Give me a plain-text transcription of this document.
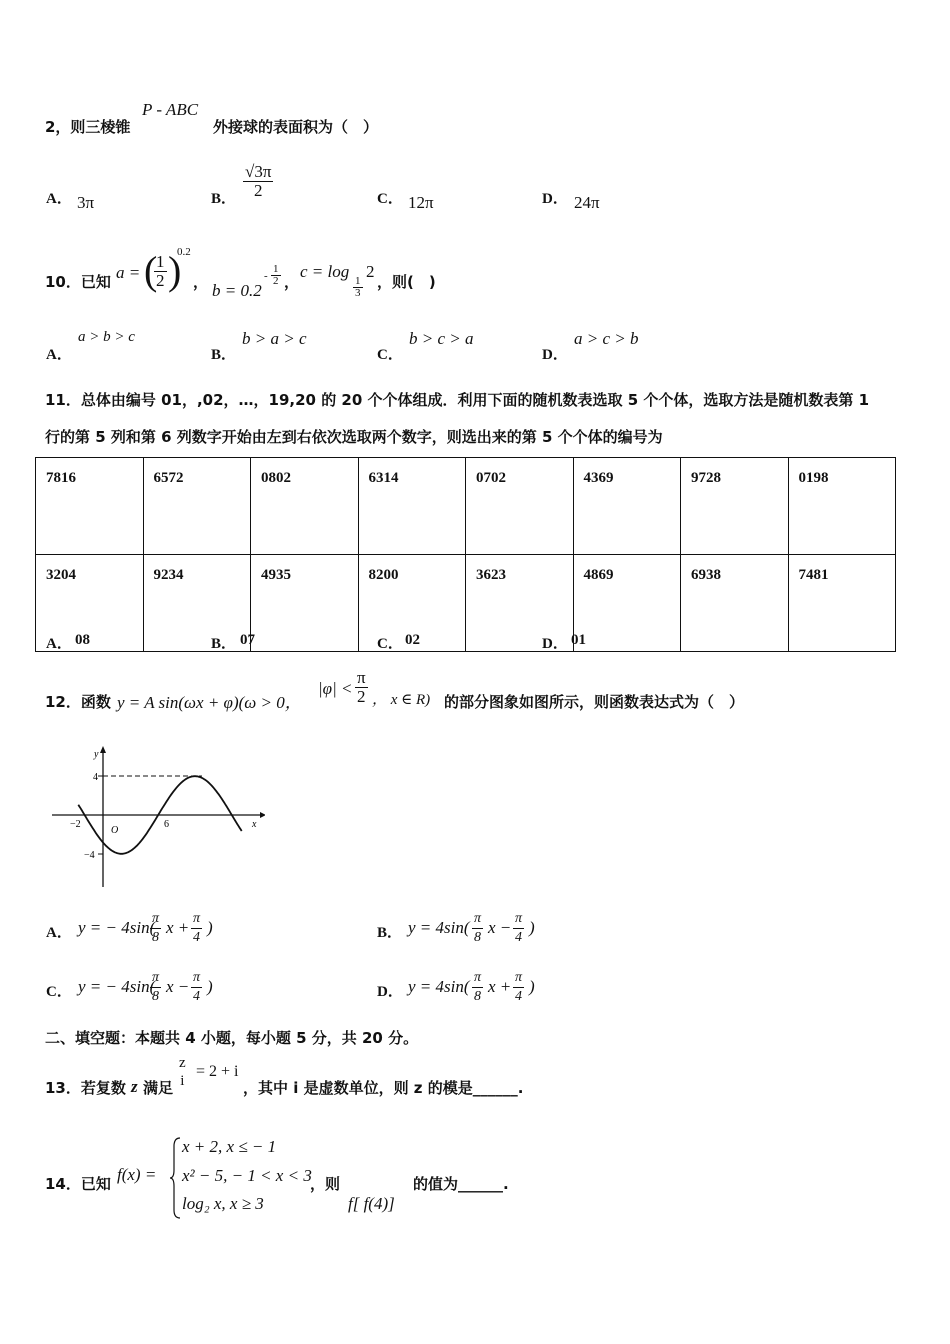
2，则三棱锥
P - ABC
外接球的表面积为（　）
A． 3π	B． $\frac{√3\pi}{2}$	C． 12π	D． 24π
10．已知 a = (
$\frac{1}{2}$ )
0.2
， b = 0.2
- $\frac{1}{2}$ ，
c = log
$\frac{1}{3}$
2
，则(　)
A．
a > b > c
B．
b > a > c
C．
b > c > a
D．
a > c > b
11．总体由编号 01，,02，…，19,20 的 20 个个体组成．利用下面的随机数表选取 5 个个体，选取方法是随机数表第 1
行的第 5 列和第 6 列数字开始由左到右依次选取两个数字，则选出来的第 5 个个体的编号为
7816	6572	0802	6314	0702	4369	9728	0198
3204	9234	4935	8200	3623	4869	6938	7481
A． 08	B． 07	C． 02	D． 01
12．函数 y = A sin(ωx + φ)(ω > 0，
$|\varphi| < \frac{\pi}{2}$ ， x ∈ R) 的部分图象如图所示，则函数表达式为（　）
y
x
O
4
−4
−2	6
A． y = − 4sin(
$\frac{\pi}{8}$ $x + \frac{\pi}{4}$ )	B． $y = 4\sin( \frac{\pi}{8}$ $x - \frac{\pi}{4}$ )
C． y = − 4sin(
$\frac{\pi}{8}$ $x - \frac{\pi}{4}$ )	D． $y = 4\sin( \frac{\pi}{8}$ $x + \frac{\pi}{4}$ )
二、填空题：本题共 4 小题，每小题 5 分，共 20 分。
13．若复数 z 满足
z
i
= 2 + i
，其中 i 是虚数单位，则 z 的模是______.
14．已知 f(x) =
x + 2, x ≤ − 1
x² − 5, − 1 < x < 3
log₂ x, x ≥ 3
，则
f[ f(4)]
的值为______.
